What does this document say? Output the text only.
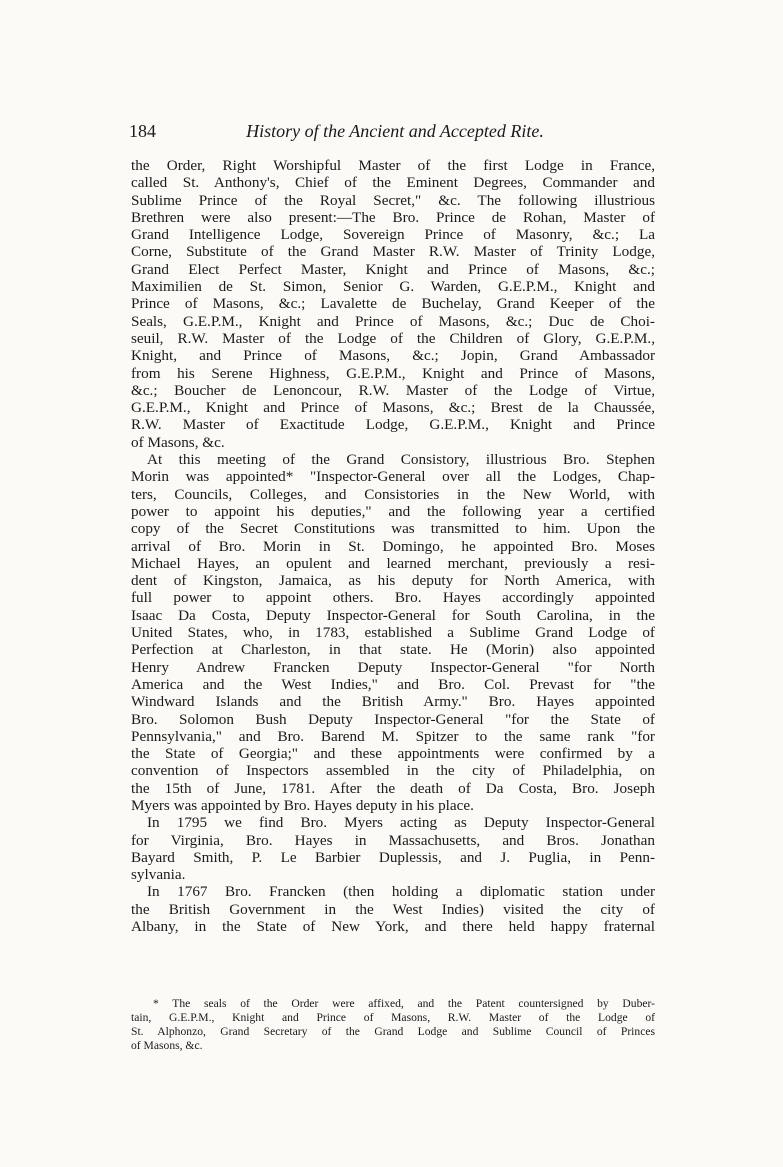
184	History of the Ancient and Accepted Rite.
the Order, Right Worshipful Master of the first Lodge in France,
called St. Anthony's, Chief of the Eminent Degrees, Commander and
Sublime Prince of the Royal Secret," &c. The following illustrious
Brethren were also present:—The Bro. Prince de Rohan, Master of
Grand Intelligence Lodge, Sovereign Prince of Masonry, &c.; La
Corne, Substitute of the Grand Master R.W. Master of Trinity Lodge,
Grand Elect Perfect Master, Knight and Prince of Masons, &c.;
Maximilien de St. Simon, Senior G. Warden, G.E.P.M., Knight and
Prince of Masons, &c.; Lavalette de Buchelay, Grand Keeper of the
Seals, G.E.P.M., Knight and Prince of Masons, &c.; Duc de Choi-
seuil, R.W. Master of the Lodge of the Children of Glory, G.E.P.M.,
Knight, and Prince of Masons, &c.; Jopin, Grand Ambassador
from his Serene Highness, G.E.P.M., Knight and Prince of Masons,
&c.; Boucher de Lenoncour, R.W. Master of the Lodge of Virtue,
G.E.P.M., Knight and Prince of Masons, &c.; Brest de la Chaussée,
R.W. Master of Exactitude Lodge, G.E.P.M., Knight and Prince
of Masons, &c.
At this meeting of the Grand Consistory, illustrious Bro. Stephen
Morin was appointed* "Inspector-General over all the Lodges, Chap-
ters, Councils, Colleges, and Consistories in the New World, with
power to appoint his deputies," and the following year a certified
copy of the Secret Constitutions was transmitted to him. Upon the
arrival of Bro. Morin in St. Domingo, he appointed Bro. Moses
Michael Hayes, an opulent and learned merchant, previously a resi-
dent of Kingston, Jamaica, as his deputy for North America, with
full power to appoint others. Bro. Hayes accordingly appointed
Isaac Da Costa, Deputy Inspector-General for South Carolina, in the
United States, who, in 1783, established a Sublime Grand Lodge of
Perfection at Charleston, in that state. He (Morin) also appointed
Henry Andrew Francken Deputy Inspector-General "for North
America and the West Indies," and Bro. Col. Prevast for "the
Windward Islands and the British Army." Bro. Hayes appointed
Bro. Solomon Bush Deputy Inspector-General "for the State of
Pennsylvania," and Bro. Barend M. Spitzer to the same rank "for
the State of Georgia;" and these appointments were confirmed by a
convention of Inspectors assembled in the city of Philadelphia, on
the 15th of June, 1781. After the death of Da Costa, Bro. Joseph
Myers was appointed by Bro. Hayes deputy in his place.
In 1795 we find Bro. Myers acting as Deputy Inspector-General
for Virginia, Bro. Hayes in Massachusetts, and Bros. Jonathan
Bayard Smith, P. Le Barbier Duplessis, and J. Puglia, in Penn-
sylvania.
In 1767 Bro. Francken (then holding a diplomatic station under
the British Government in the West Indies) visited the city of
Albany, in the State of New York, and there held happy fraternal
* The seals of the Order were affixed, and the Patent countersigned by Duber-
tain, G.E.P.M., Knight and Prince of Masons, R.W. Master of the Lodge of
St. Alphonzo, Grand Secretary of the Grand Lodge and Sublime Council of Princes
of Masons, &c.
